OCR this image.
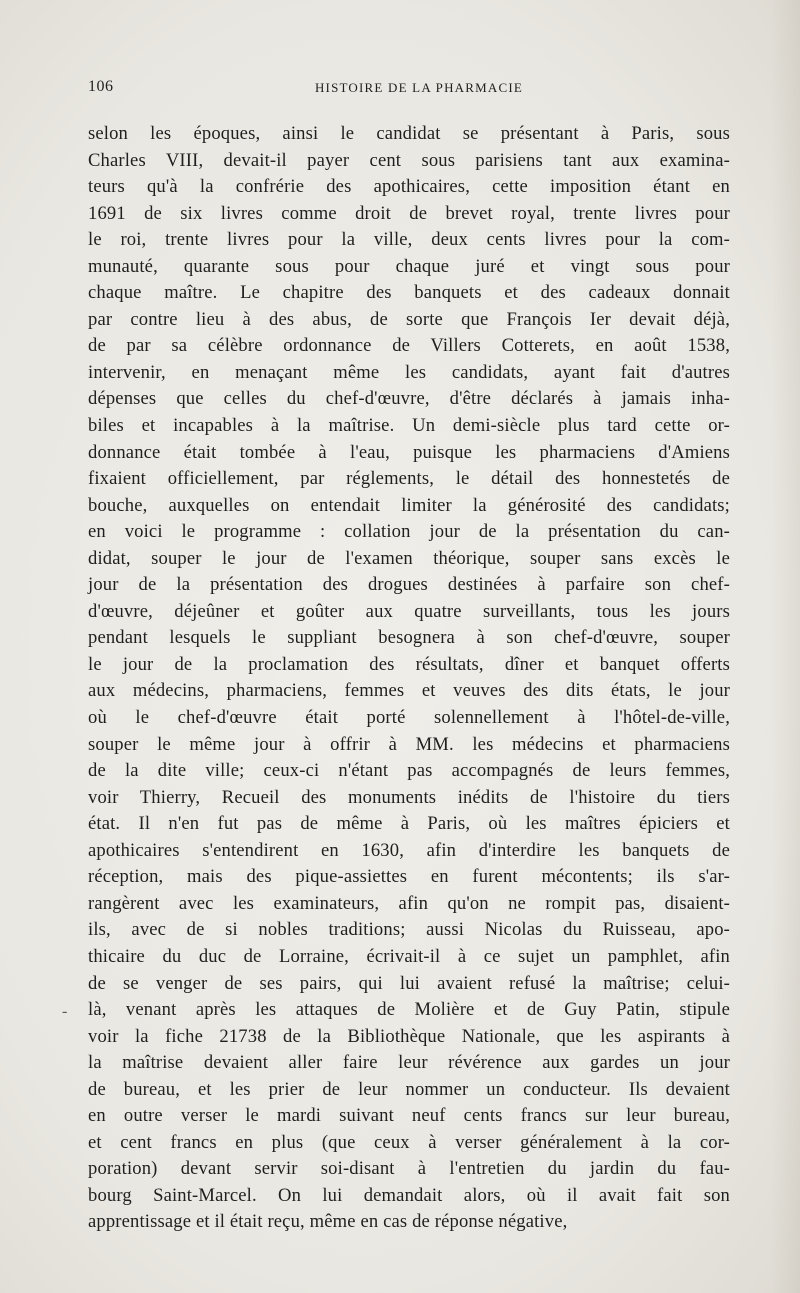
106	HISTOIRE DE LA PHARMACIE
selon les époques, ainsi le candidat se présentant à Paris, sous
Charles VIII, devait-il payer cent sous parisiens tant aux examina-
teurs qu'à la confrérie des apothicaires, cette imposition étant en
1691 de six livres comme droit de brevet royal, trente livres pour
le roi, trente livres pour la ville, deux cents livres pour la com-
munauté, quarante sous pour chaque juré et vingt sous pour
chaque maître. Le chapitre des banquets et des cadeaux donnait
par contre lieu à des abus, de sorte que François Ier devait déjà,
de par sa célèbre ordonnance de Villers Cotterets, en août 1538,
intervenir, en menaçant même les candidats, ayant fait d'autres
dépenses que celles du chef-d'œuvre, d'être déclarés à jamais inha-
biles et incapables à la maîtrise. Un demi-siècle plus tard cette or-
donnance était tombée à l'eau, puisque les pharmaciens d'Amiens
fixaient officiellement, par réglements, le détail des honnestetés de
bouche, auxquelles on entendait limiter la générosité des candidats;
en voici le programme : collation jour de la présentation du can-
didat, souper le jour de l'examen théorique, souper sans excès le
jour de la présentation des drogues destinées à parfaire son chef-
d'œuvre, déjeûner et goûter aux quatre surveillants, tous les jours
pendant lesquels le suppliant besognera à son chef-d'œuvre, souper
le jour de la proclamation des résultats, dîner et banquet offerts
aux médecins, pharmaciens, femmes et veuves des dits états, le jour
où le chef-d'œuvre était porté solennellement à l'hôtel-de-ville,
souper le même jour à offrir à MM. les médecins et pharmaciens
de la dite ville; ceux-ci n'étant pas accompagnés de leurs femmes,
voir Thierry, Recueil des monuments inédits de l'histoire du tiers
état. Il n'en fut pas de même à Paris, où les maîtres épiciers et
apothicaires s'entendirent en 1630, afin d'interdire les banquets de
réception, mais des pique-assiettes en furent mécontents; ils s'ar-
rangèrent avec les examinateurs, afin qu'on ne rompit pas, disaient-
ils, avec de si nobles traditions; aussi Nicolas du Ruisseau, apo-
thicaire du duc de Lorraine, écrivait-il à ce sujet un pamphlet, afin
de se venger de ses pairs, qui lui avaient refusé la maîtrise; celui-
là, venant après les attaques de Molière et de Guy Patin, stipule
voir la fiche 21738 de la Bibliothèque Nationale, que les aspirants à
la maîtrise devaient aller faire leur révérence aux gardes un jour
de bureau, et les prier de leur nommer un conducteur. Ils devaient
en outre verser le mardi suivant neuf cents francs sur leur bureau,
et cent francs en plus (que ceux à verser généralement à la cor-
poration) devant servir soi-disant à l'entretien du jardin du fau-
bourg Saint-Marcel. On lui demandait alors, où il avait fait son
apprentissage et il était reçu, même en cas de réponse négative,
-
